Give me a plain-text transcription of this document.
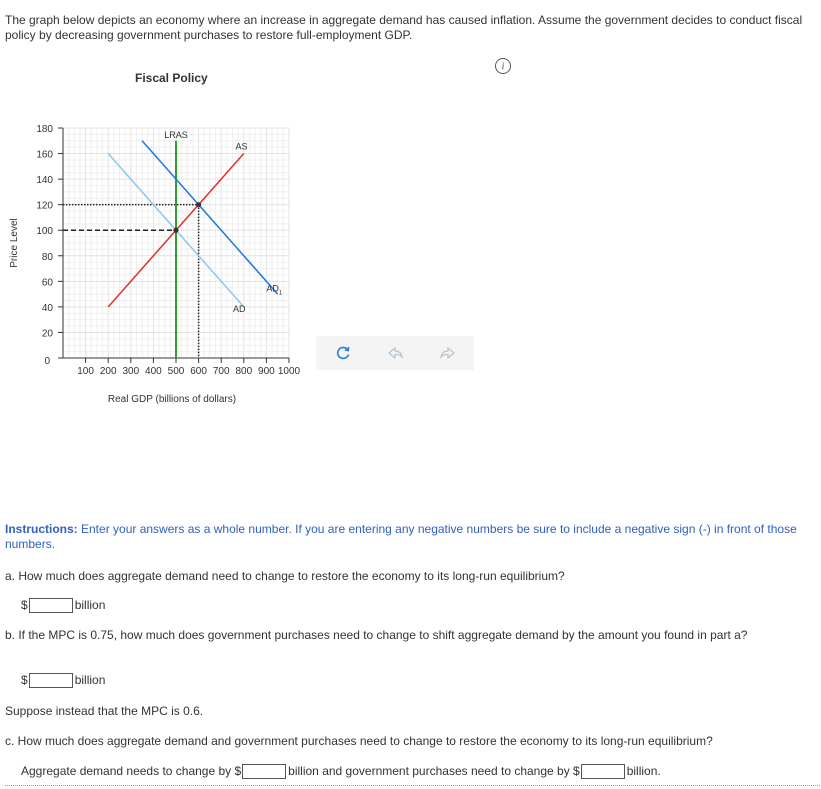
The graph below depicts an economy where an increase in aggregate demand has caused inflation. Assume the government decides to conduct fiscal policy by decreasing government purchases to restore full-employment GDP.
i
Fiscal Policy
0
20
40
60
80
100
120
140
160
180
100 200 300 400 500 600 700 800 900 1000
LRAS
AS
$AD_1$
AD
Real GDP (billions of dollars)
Price Level
Instructions: Enter your answers as a whole number. If you are entering any negative numbers be sure to include a negative sign (-) in front of those numbers.
a. How much does aggregate demand need to change to restore the economy to its long-run equilibrium?
$	billion
b. If the MPC is 0.75, how much does government purchases need to change to shift aggregate demand by the amount you found in part a?
$	billion
Suppose instead that the MPC is 0.6.
c. How much does aggregate demand and government purchases need to change to restore the economy to its long-run equilibrium?
Aggregate demand needs to change by $	billion and government purchases need to change by $	billion.
